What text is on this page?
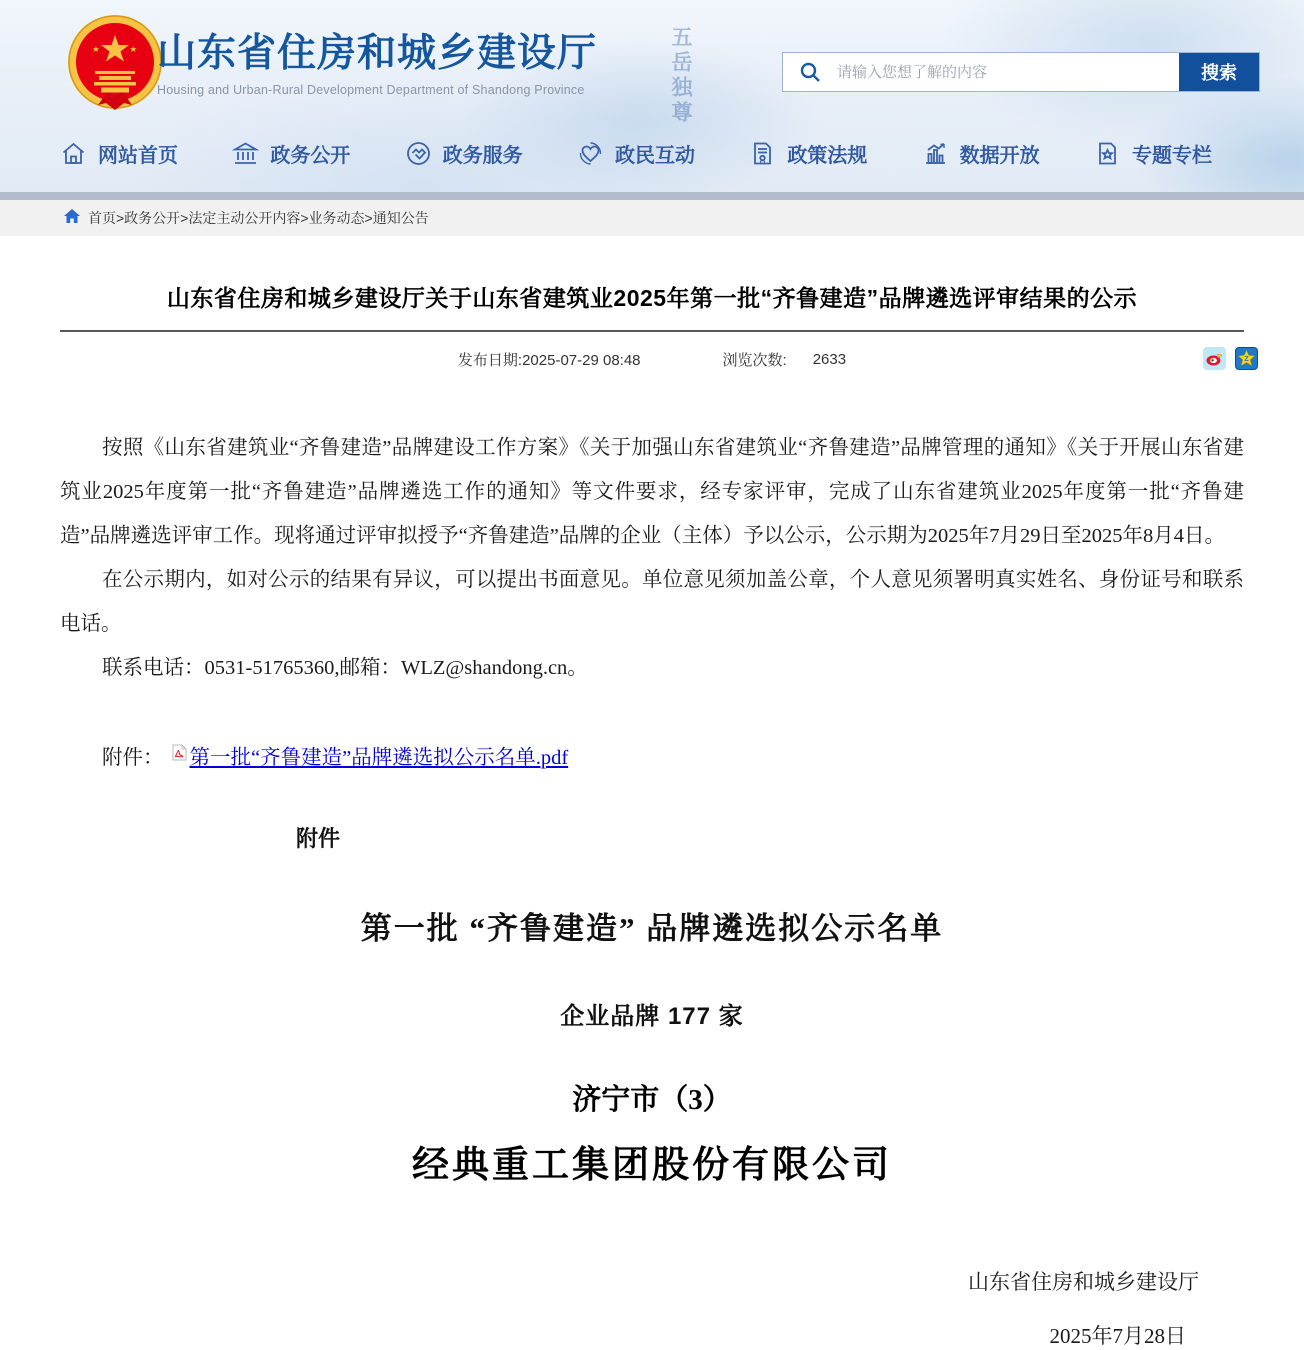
山东省住房和城乡建设厅
Housing and Urban-Rural Development Department of Shandong Province	五岳独尊
请输入您想了解的内容	搜索
网站首页	政务公开	政务服务	政民互动	政策法规	数据开放	专题专栏
首页>政务公开>法定主动公开内容>业务动态>通知公告
山东省住房和城乡建设厅关于山东省建筑业2025年第一批“齐鲁建造”品牌遴选评审结果的公示
发布日期:2025-07-29 08:48	浏览次数: 2633	Z

按照《山东省建筑业“齐鲁建造”品牌建设工作方案》《关于加强山东省建筑业“齐鲁建造”品牌管理的通知》《关于开展山东省建筑业2025年度第一批“齐鲁建造”品牌遴选工作的通知》等文件要求，经专家评审，完成了山东省建筑业2025年度第一批“齐鲁建造”品牌遴选评审工作。现将通过评审拟授予“齐鲁建造”品牌的企业（主体）予以公示，公示期为2025年7月29日至2025年8月4日。

在公示期内，如对公示的结果有异议，可以提出书面意见。单位意见须加盖公章，个人意见须署明真实姓名、身份证号和联系电话。

联系电话：0531-51765360,邮箱：WLZ@shandong.cn。

附件： 第一批“齐鲁建造”品牌遴选拟公示名单.pdf
附件
第一批 “齐鲁建造” 品牌遴选拟公示名单
企业品牌 177 家
济宁市（3）
经典重工集团股份有限公司
山东省住房和城乡建设厅
2025年7月28日
